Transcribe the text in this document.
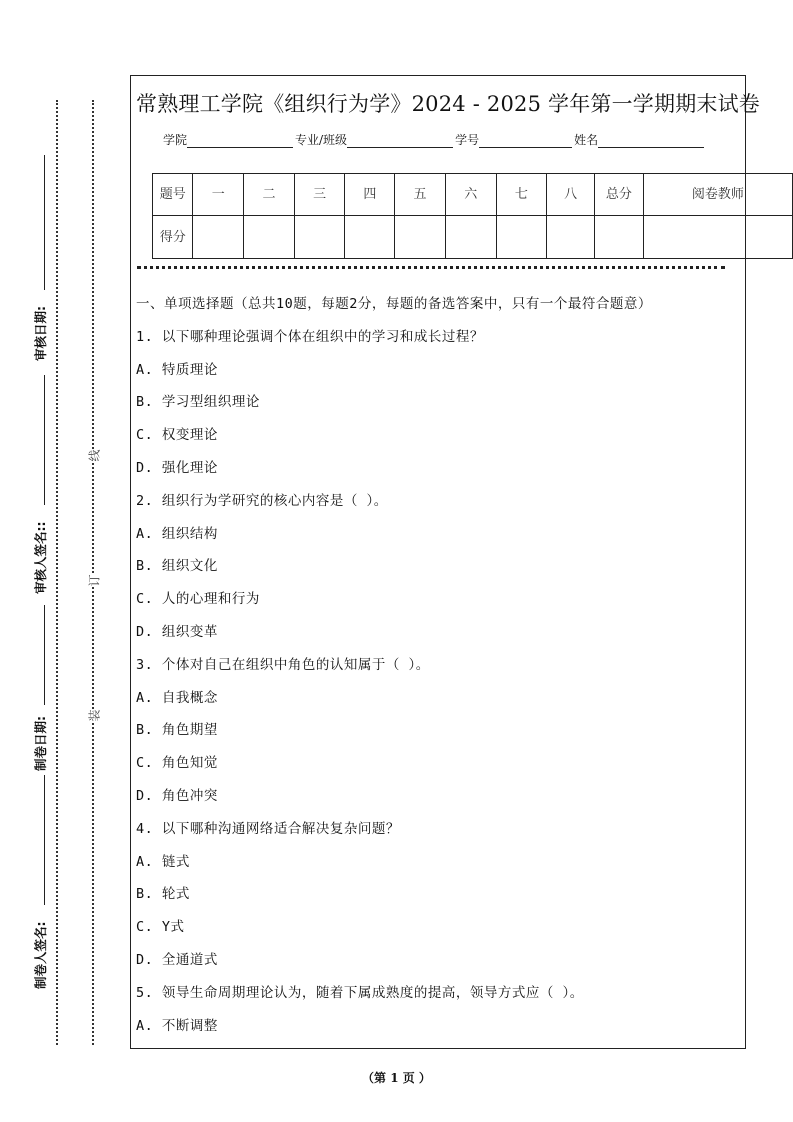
审核日期:
审核人签名::
制卷日期:
制卷人签名:
线
订
装
常熟理工学院《组织行为学》2024 - 2025 学年第一学期期末试卷
学院	专业/班级	学号	姓名
题号	一	二	三	四	五	六	七	八	总分	阅卷教师
得分										
一、单项选择题（总共10题，每题2分，每题的备选答案中，只有一个最符合题意）
1. 以下哪种理论强调个体在组织中的学习和成长过程？
A. 特质理论
B. 学习型组织理论
C. 权变理论
D. 强化理论
2. 组织行为学研究的核心内容是（ ）。
A. 组织结构
B. 组织文化
C. 人的心理和行为
D. 组织变革
3. 个体对自己在组织中角色的认知属于（ ）。
A. 自我概念
B. 角色期望
C. 角色知觉
D. 角色冲突
4. 以下哪种沟通网络适合解决复杂问题？
A. 链式
B. 轮式
C. Y式
D. 全通道式
5. 领导生命周期理论认为，随着下属成熟度的提高，领导方式应（ ）。
A. 不断调整
（第 1 页 ）
